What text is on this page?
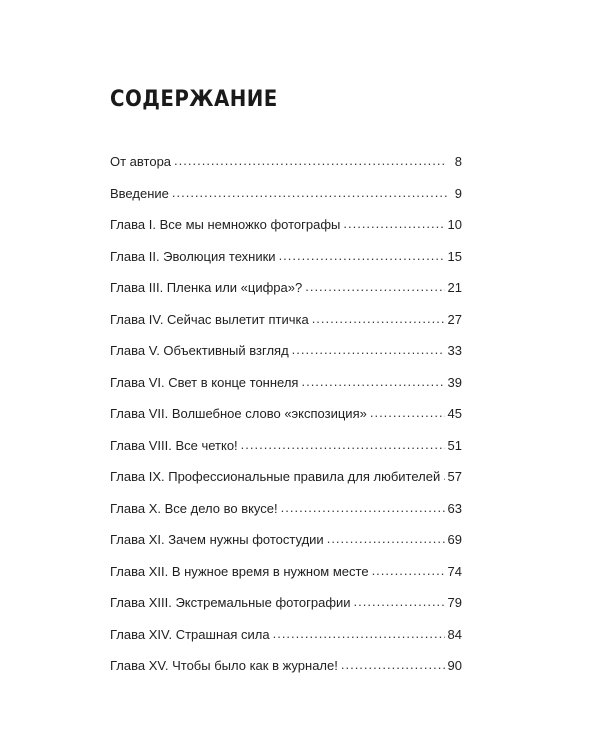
СОДЕРЖАНИЕ
От автора .....	8
Введение .....	9
Глава I. Все мы немножко фотографы .....	10
Глава II. Эволюция техники .....	15
Глава III. Пленка или «цифра»? .....	21
Глава IV. Сейчас вылетит птичка .....	27
Глава V. Объективный взгляд .....	33
Глава VI. Свет в конце тоннеля .....	39
Глава VII. Волшебное слово «экспозиция» .....	45
Глава VIII. Все четко! .....	51
Глава IX. Профессиональные правила для любителей ..... 57
Глава X. Все дело во вкусе! .....	63
Глава XI. Зачем нужны фотостудии .....	69
Глава XII. В нужное время в нужном месте .....	74
Глава XIII. Экстремальные фотографии .....	79
Глава XIV. Страшная сила .....	84
Глава XV. Чтобы было как в журнале! .....	90
